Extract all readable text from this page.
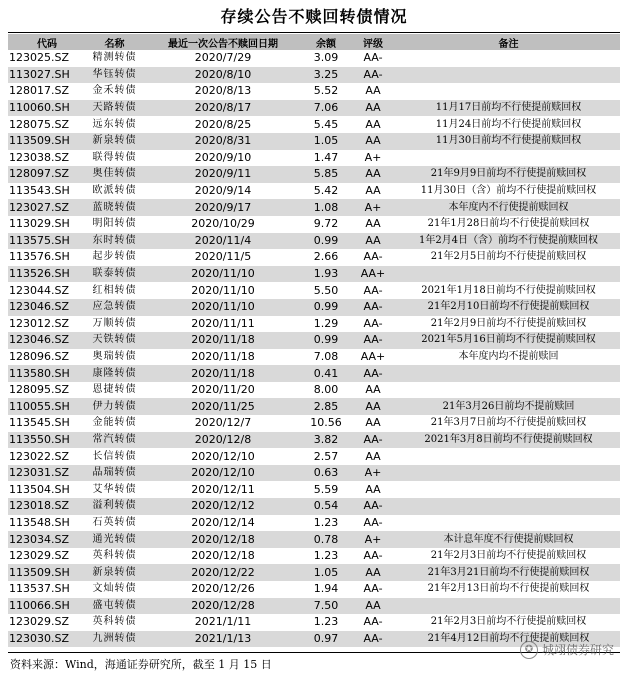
存续公告不赎回转债情况
代码	名称	最近一次公告不赎回日期	余额	评级	备注
123025.SZ	精测转债	2020/7/29	3.09	AA-	
113027.SH	华钰转债	2020/8/10	3.25	AA-	
128017.SZ	金禾转债	2020/8/13	5.52	AA	
110060.SH	天路转债	2020/8/17	7.06	AA	11月17日前均不行使提前赎回权
128075.SZ	远东转债	2020/8/25	5.45	AA	11月24日前均不行使提前赎回权
113509.SH	新泉转债	2020/8/31	1.05	AA	11月30日前均不行使提前赎回权
123038.SZ	联得转债	2020/9/10	1.47	A+	
128097.SZ	奥佳转债	2020/9/11	5.85	AA	21年9月9日前均不行使提前赎回权
113543.SH	欧派转债	2020/9/14	5.42	AA	11月30日（含）前均不行使提前赎回权
123027.SZ	蓝晓转债	2020/9/17	1.08	A+	本年度内不行使提前赎回权
113029.SH	明阳转债	2020/10/29	9.72	AA	21年1月28日前均不行使提前赎回权
113575.SH	东时转债	2020/11/4	0.99	AA	1年2月4日（含）前均不行使提前赎回权
113576.SH	起步转债	2020/11/5	2.66	AA-	21年2月5日前均不行使提前赎回权
113526.SH	联泰转债	2020/11/10	1.93	AA+	
123044.SZ	红相转债	2020/11/10	5.50	AA-	2021年1月18日前均不行使提前赎回权
123046.SZ	应急转债	2020/11/10	0.99	AA-	21年2月10日前均不行使提前赎回权
123012.SZ	万顺转债	2020/11/11	1.29	AA-	21年2月9日前均不行使提前赎回权
123046.SZ	天铁转债	2020/11/18	0.99	AA-	2021年5月16日前均不行使提前赎回权
128096.SZ	奥瑞转债	2020/11/18	7.08	AA+	本年度内均不提前赎回
113580.SH	康隆转债	2020/11/18	0.41	AA-	
128095.SZ	恩捷转债	2020/11/20	8.00	AA	
110055.SH	伊力转债	2020/11/25	2.85	AA	21年3月26日前均不提前赎回
113545.SH	金能转债	2020/12/7	10.56	AA	21年3月7日前均不行使提前赎回权
113550.SH	常汽转债	2020/12/8	3.82	AA-	2021年3月8日前均不行使提前赎回权
123022.SZ	长信转债	2020/12/10	2.57	AA	
123031.SZ	晶瑞转债	2020/12/10	0.63	A+	
113504.SH	艾华转债	2020/12/11	5.59	AA	
123018.SZ	溢利转债	2020/12/12	0.54	AA-	
113548.SH	石英转债	2020/12/14	1.23	AA-	
123034.SZ	通光转债	2020/12/18	0.78	A+	本计息年度不行使提前赎回权
123029.SZ	英科转债	2020/12/18	1.23	AA-	21年2月3日前均不行使提前赎回权
113509.SH	新泉转债	2020/12/22	1.05	AA	21年3月21日前均不行使提前赎回权
113537.SH	文灿转债	2020/12/26	1.94	AA-	21年2月13日前均不行使提前赎回权
110066.SH	盛屯转债	2020/12/28	7.50	AA	
123029.SZ	英科转债	2021/1/11	1.23	AA-	21年2月3日前均不行使提前赎回权
123030.SZ	九洲转债	2021/1/13	0.97	AA-	21年4月12日前均不行使提前赎回权
资料来源：Wind，海通证券研究所，截至 1 月 15 日
✪ 城翊债券研究
